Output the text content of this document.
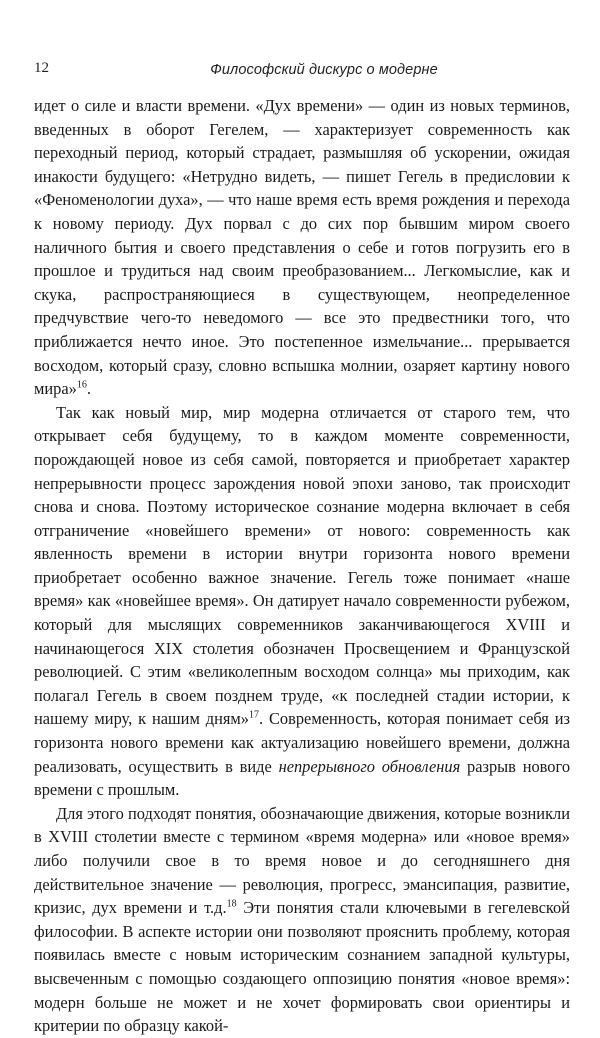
12	Философский дискурс о модерне

идет о силе и власти времени. «Дух времени» — один из новых терминов, введенных в оборот Гегелем, — характеризует современность как переходный период, который страдает, размышляя об ускорении, ожидая инакости будущего: «Нетрудно видеть, — пишет Гегель в предисловии к «Феноменологии духа», — что наше время есть время рождения и перехода к новому периоду. Дух порвал с до сих пор бывшим миром своего наличного бытия и своего представления о себе и готов погрузить его в прошлое и трудиться над своим преобразованием... Легкомыслие, как и скука, распространяющиеся в существующем, неопределенное предчувствие чего-то неведомого — все это предвестники того, что приближается нечто иное. Это постепенное измельчание... прерывается восходом, который сразу, словно вспышка молнии, озаряет картину нового мира»$^{16}$.

Так как новый мир, мир модерна отличается от старого тем, что открывает себя будущему, то в каждом моменте современности, порождающей новое из себя самой, повторяется и приобретает характер непрерывности процесс зарождения новой эпохи заново, так происходит снова и снова. Поэтому историческое сознание модерна включает в себя отграничение «новейшего времени» от нового: современность как явленность времени в истории внутри горизонта нового времени приобретает особенно важное значение. Гегель тоже понимает «наше время» как «новейшее время». Он датирует начало современности рубежом, который для мыслящих современников заканчивающегося XVIII и начинающегося XIX столетия обозначен Просвещением и Французской революцией. С этим «великолепным восходом солнца» мы приходим, как полагал Гегель в своем позднем труде, «к последней стадии истории, к нашему миру, к нашим дням»$^{17}$. Современность, которая понимает себя из горизонта нового времени как актуализацию новейшего времени, должна реализовать, осуществить в виде непрерывного обновления разрыв нового времени с прошлым.

Для этого подходят понятия, обозначающие движения, которые возникли в XVIII столетии вместе с термином «время модерна» или «новое время» либо получили свое в то время новое и до сегодняшнего дня действительное значение — революция, прогресс, эмансипация, развитие, кризис, дух времени и т.д.$^{18}$ Эти понятия стали ключевыми в гегелевской философии. В аспекте истории они позволяют прояснить проблему, которая появилась вместе с новым историческим сознанием западной культуры, высвеченным с помощью создающего оппозицию понятия «новое время»: модерн больше не может и не хочет формировать свои ориентиры и критерии по образцу какой-
